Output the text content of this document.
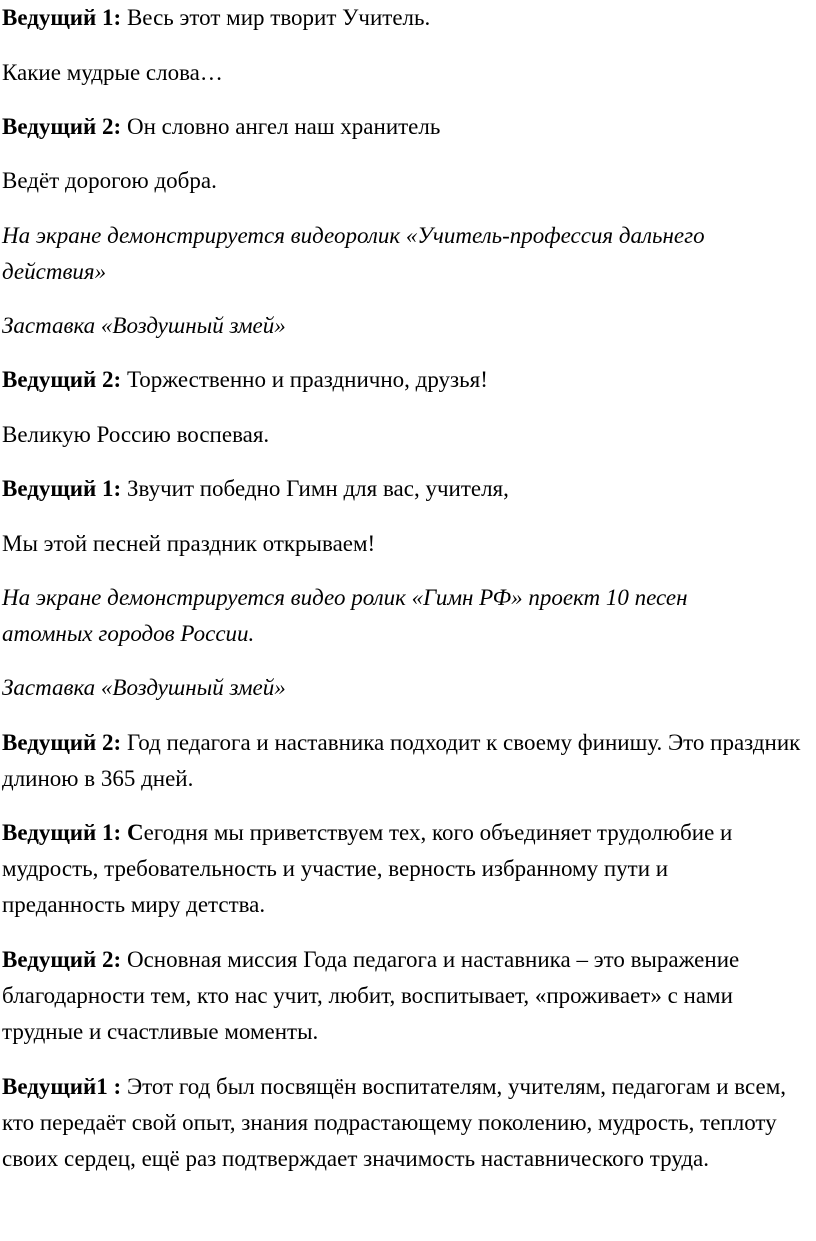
Ведущий 1: Весь этот мир творит Учитель.

Какие мудрые слова…

Ведущий 2: Он словно ангел наш хранитель

Ведёт дорогою добра.

На экране демонстрируется видеоролик «Учитель-профессия дальнего действия»

Заставка «Воздушный змей»

Ведущий 2: Торжественно и празднично, друзья!

Великую Россию воспевая.

Ведущий 1: Звучит победно Гимн для вас, учителя,

Мы этой песней праздник открываем!

На экране демонстрируется видео ролик «Гимн РФ» проект 10 песен атомных городов России.

Заставка «Воздушный змей»

Ведущий 2: Год педагога и наставника подходит к своему финишу. Это праздник длиною в 365 дней.

Ведущий 1: Сегодня мы приветствуем тех, кого объединяет трудолюбие и мудрость, требовательность и участие, верность избранному пути и преданность миру детства.

Ведущий 2: Основная миссия Года педагога и наставника – это выражение благодарности тем, кто нас учит, любит, воспитывает, «проживает» с нами трудные и счастливые моменты.

Ведущий1 : Этот год был посвящён воспитателям, учителям, педагогам и всем, кто передаёт свой опыт, знания подрастающему поколению, мудрость, теплоту своих сердец, ещё раз подтверждает значимость наставнического труда.
